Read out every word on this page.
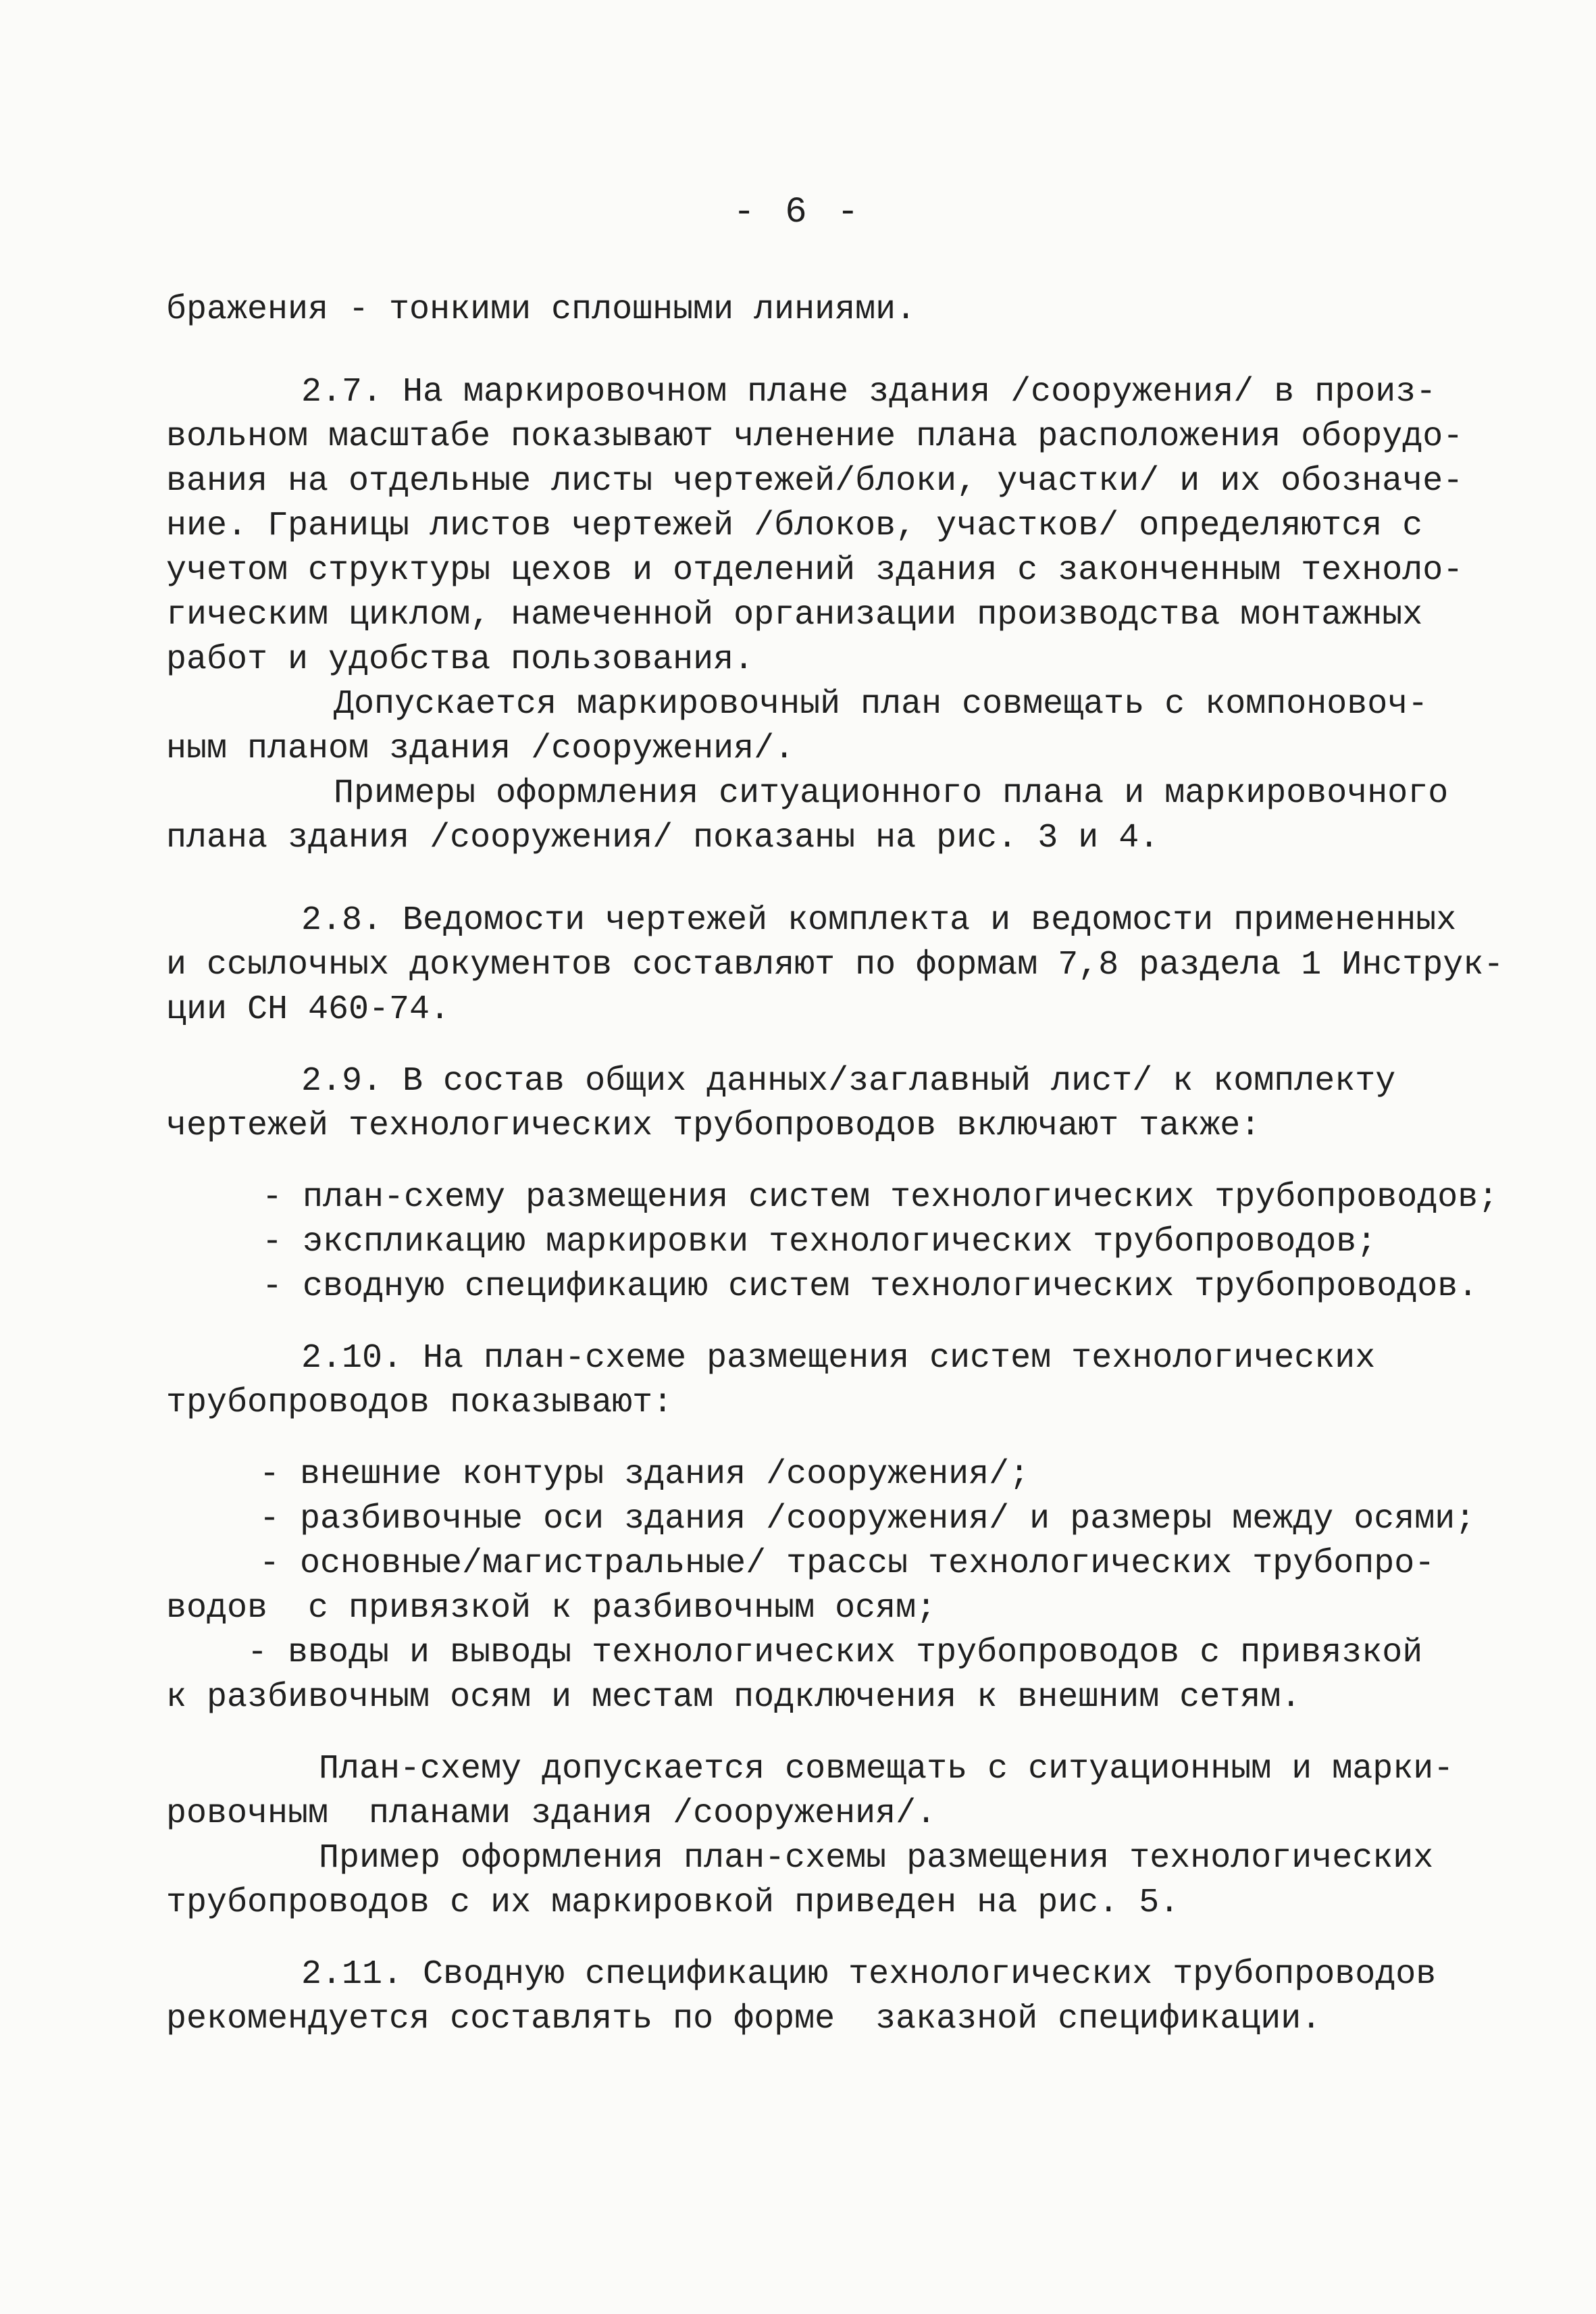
- 6 -

бражения - тонкими сплошными линиями.

2.7. На маркировочном плане здания /сооружения/ в произ-

вольном масштабе показывают членение плана расположения оборудо-

вания на отдельные листы чертежей/блоки, участки/ и их обозначе-

ние. Границы листов чертежей /блоков, участков/ определяются с

учетом структуры цехов и отделений здания с законченным техноло-

гическим циклом, намеченной организации производства монтажных

работ и удобства пользования.

Допускается маркировочный план совмещать с компоновоч-

ным планом здания /сооружения/.

Примеры оформления ситуационного плана и маркировочного

плана здания /сооружения/ показаны на рис. 3 и 4.

2.8. Ведомости чертежей комплекта и ведомости примененных

и ссылочных документов составляют по формам 7,8 раздела 1 Инструк-

ции СН 460-74.

2.9. В состав общих данных/заглавный лист/ к комплекту

чертежей технологических трубопроводов включают также:

- план-схему размещения систем технологических трубопроводов;

- экспликацию маркировки технологических трубопроводов;

- сводную спецификацию систем технологических трубопроводов.

2.10. На план-схеме размещения систем технологических

трубопроводов показывают:

- внешние контуры здания /сооружения/;

- разбивочные оси здания /сооружения/ и размеры между осями;

- основные/магистральные/ трассы технологических трубопро-

водов  с привязкой к разбивочным осям;

- вводы и выводы технологических трубопроводов с привязкой

к разбивочным осям и местам подключения к внешним сетям.

План-схему допускается совмещать с ситуационным и марки-

ровочным  планами здания /сооружения/.

Пример оформления план-схемы размещения технологических

трубопроводов с их маркировкой приведен на рис. 5.

2.11. Сводную спецификацию технологических трубопроводов

рекомендуется составлять по форме  заказной спецификации.
